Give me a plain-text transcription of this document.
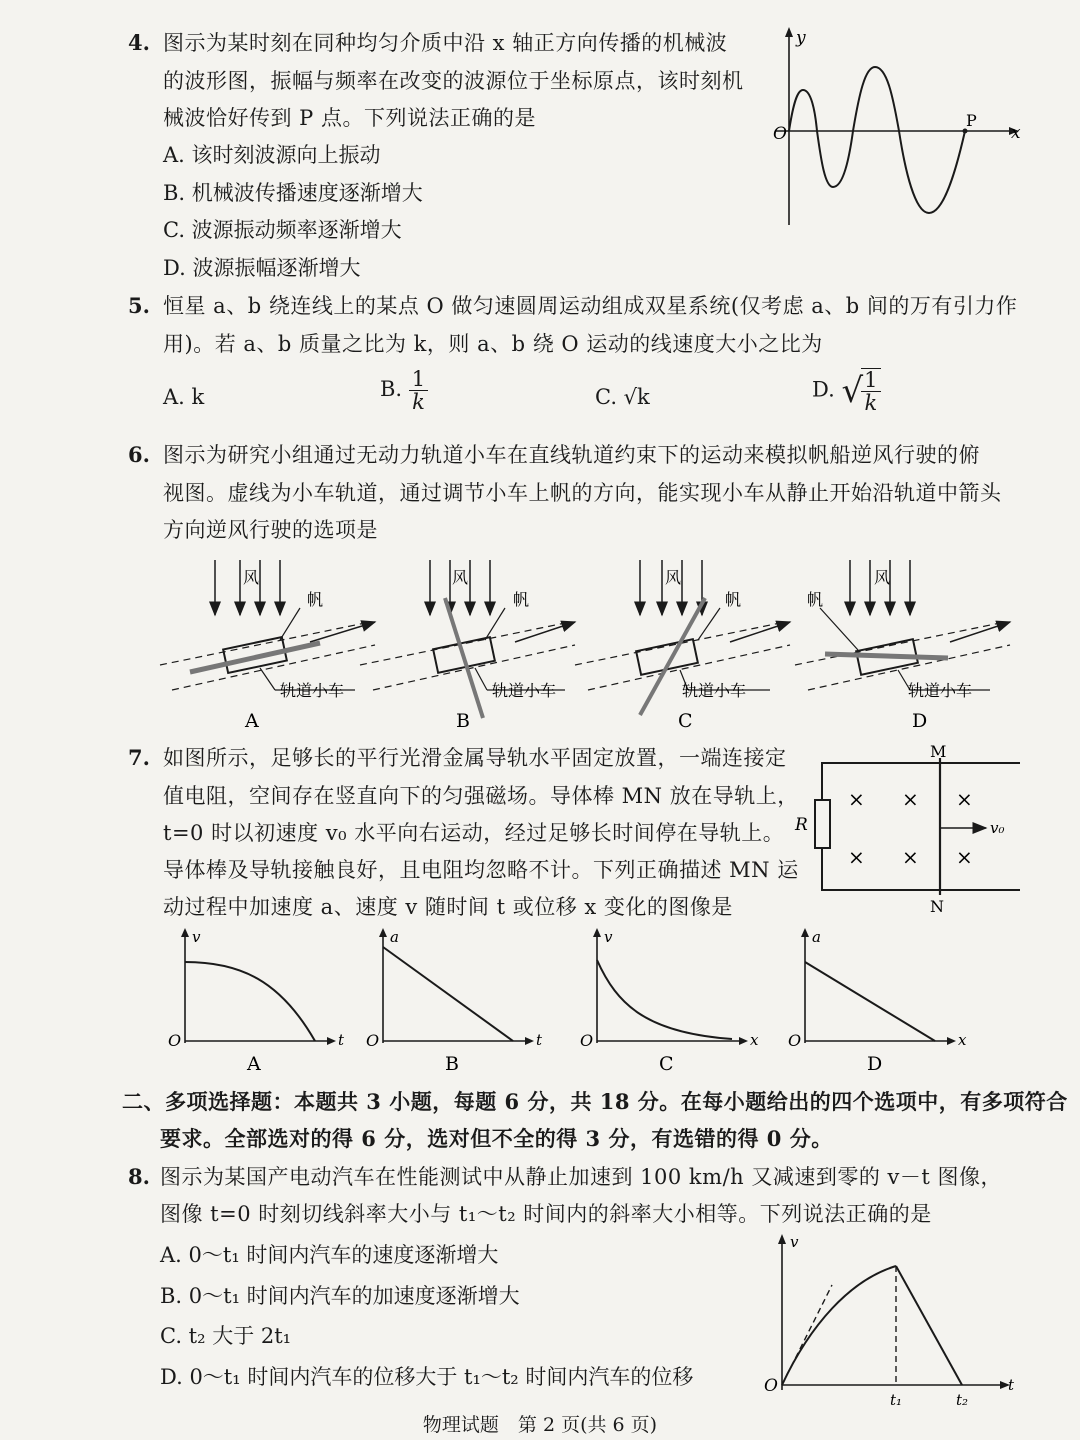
4. 图示为某时刻在同种均匀介质中沿 x 轴正方向传播的机械波
的波形图，振幅与频率在改变的波源位于坐标原点，该时刻机
械波恰好传到 P 点。下列说法正确的是
A. 该时刻波源向上振动
B. 机械波传播速度逐渐增大
C. 波源振动频率逐渐增大
D. 波源振幅逐渐增大
y
O
P
x
5. 恒星 a、b 绕连线上的某点 O 做匀速圆周运动组成双星系统(仅考虑 a、b 间的万有引力作
用)。若 a、b 质量之比为 k，则 a、b 绕 O 运动的线速度大小之比为
A. k	B. $\frac{1}{k}$	C. √k	D. √
$\frac{1}{k}$
6. 图示为研究小组通过无动力轨道小车在直线轨道约束下的运动来模拟帆船逆风行驶的俯
视图。虚线为小车轨道，通过调节小车上帆的方向，能实现小车从静止开始沿轨道中箭头
方向逆风行驶的选项是
风
帆
轨道小车
A
风
帆
轨道小车
B
风
帆
轨道小车
C
风
帆
轨道小车
D
7. 如图所示，足够长的平行光滑金属导轨水平固定放置，一端连接定
值电阻，空间存在竖直向下的匀强磁场。导体棒 MN 放在导轨上，
t=0 时以初速度 v₀ 水平向右运动，经过足够长时间停在导轨上。
导体棒及导轨接触良好，且电阻均忽略不计。下列正确描述 MN 运
动过程中加速度 a、速度 v 随时间 t 或位移 x 变化的图像是
M
N
R	v₀
× × ×
× × ×
v
O	t
A
a
O	t
B
v
O	x
C
a
O	x
D
二、多项选择题：本题共 3 小题，每题 6 分，共 18 分。在每小题给出的四个选项中，有多项符合
要求。全部选对的得 6 分，选对但不全的得 3 分，有选错的得 0 分。
8. 图示为某国产电动汽车在性能测试中从静止加速到 100 km/h 又减速到零的 v－t 图像，
图像 t=0 时刻切线斜率大小与 t₁～t₂ 时间内的斜率大小相等。下列说法正确的是
A. 0～t₁ 时间内汽车的速度逐渐增大
B. 0～t₁ 时间内汽车的加速度逐渐增大
C. t₂ 大于 2t₁
D. 0～t₁ 时间内汽车的位移大于 t₁～t₂ 时间内汽车的位移
v
O	t
t₁	t₂
物理试题　第 2 页(共 6 页)
